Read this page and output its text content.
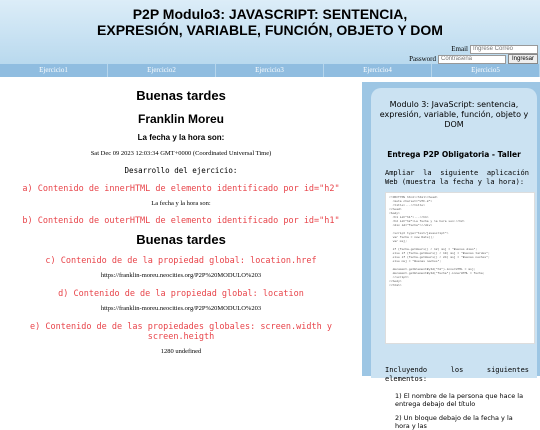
P2P Modulo3: JAVASCRIPT: SENTENCIA,
EXPRESIÓN, VARIABLE, FUNCIÓN, OBJETO Y DOM
Email
Ingrese Correo
Password	Ingresar
Ejercicio1	Ejercicio2	Ejercicio3	Ejercicio4	Ejercicio5
Buenas tardes
Franklin Moreu
La fecha y la hora son:
Sat Dec 09 2023 12:03:34 GMT+0000 (Coordinated Universal Time)
Desarrollo del ejercicio:
a) Contenido de innerHTML de elemento identificado por id="h2"
La fecha y la hora son:
b) Contenido de outerHTML de elemento identificado por id="h1"
Buenas tardes
c) Contenido de de la propiedad global: location.href
https://franklin-moreu.neocities.org/P2P%20MODULO%203
d) Contenido de de la propiedad global: location
https://franklin-moreu.neocities.org/P2P%20MODULO%203
e) Contenido de de las propiedades globales: screen.width y
screen.heigth
1280 undefined
Modulo 3: JavaScript: sentencia, expresión, variable, función, objeto y DOM
Entrega P2P Obligatoria - Taller
Ampliar la siguiente aplicación Web (muestra la fecha y la hora):
<!DOCTYPE html><html><head>
<meta charset="UTF-8">
<title>...</title>
</head>
<body>
<h1 id="h1">...</h1>
<h2 id="h2">La fecha y la hora son:</h2>
<div id="fecha"></div>

<script type="text/javascript">
var fecha = new Date();
var msj;

if (fecha.getHours() < 12) msj = "Buenos dias";
else if (fecha.getHours() < 19) msj = "Buenas tardes";
else if (fecha.getHours() < 24) msj = "Buenas noches";
else msj = "Buenas noches";

document.getElementById("h1").innerHTML = msj;
document.getElementById("fecha").innerHTML = fecha;
</script>
</body>
</html>
Incluyendo los siguientes elementos:
1) El nombre de la persona que hace la entrega debajo del título
2) Un bloque debajo de la fecha y la hora y las
